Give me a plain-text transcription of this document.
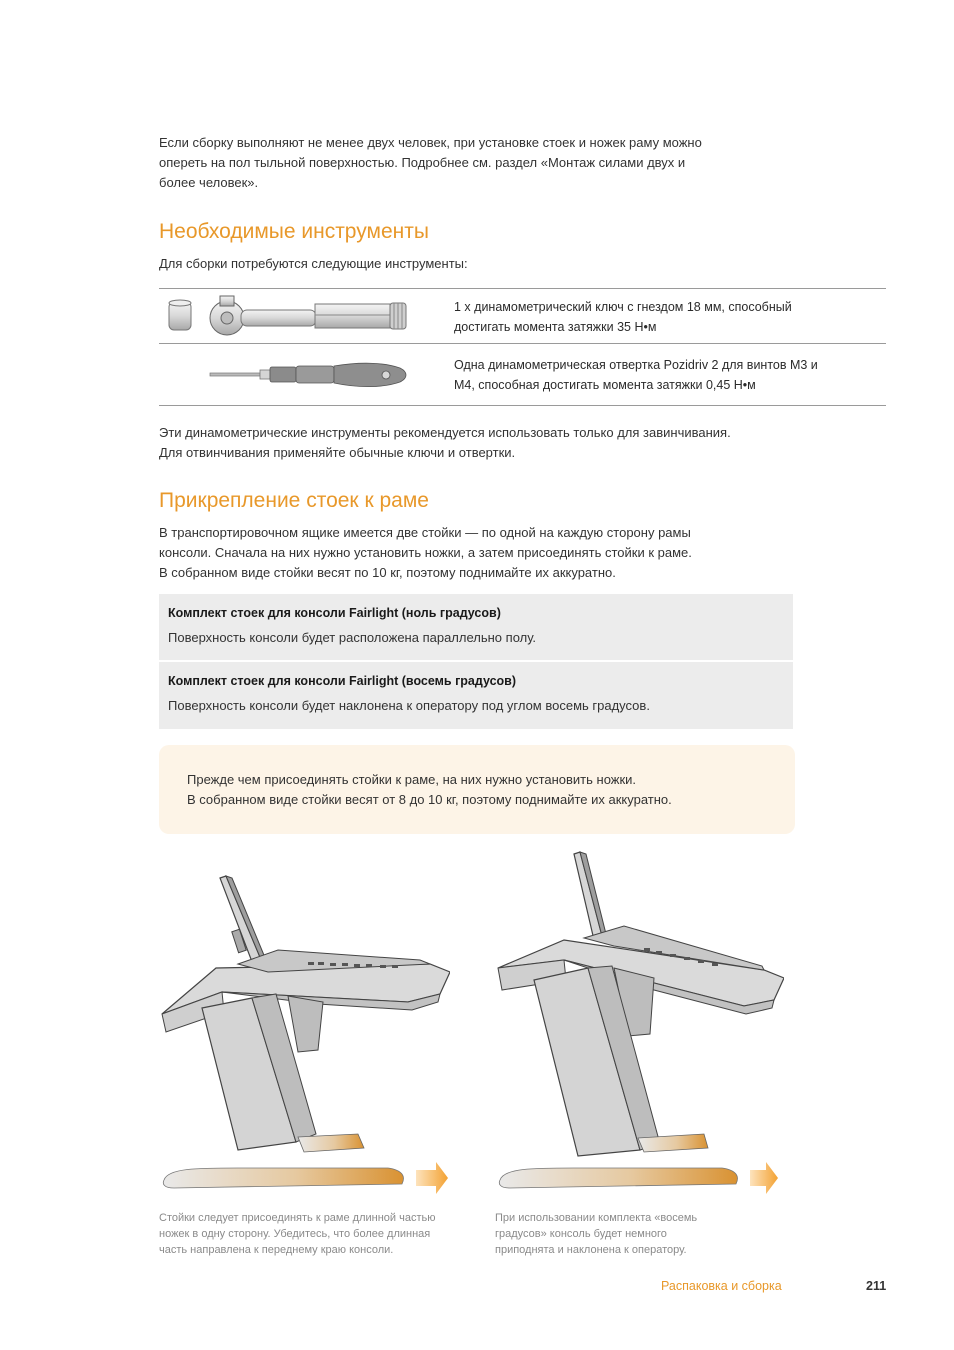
Если сборку выполняют не менее двух человек, при установке стоек и ножек раму можно
опереть на пол тыльной поверхностью. Подробнее см. раздел «Монтаж силами двух и
более человек».
Необходимые инструменты
Для сборки потребуются следующие инструменты:
1 х динамометрический ключ с гнездом 18 мм, способный
достигать момента затяжки 35 Н•м
Одна динамометрическая отвертка Pozidriv 2 для винтов M3 и
M4, способная достигать момента затяжки 0,45 Н•м
Эти динамометрические инструменты рекомендуется использовать только для завинчивания.
Для отвинчивания применяйте обычные ключи и отвертки.
Прикрепление стоек к раме
В транспортировочном ящике имеется две стойки — по одной на каждую сторону рамы
консоли. Сначала на них нужно установить ножки, а затем присоединять стойки к раме.
В собранном виде стойки весят по 10 кг, поэтому поднимайте их аккуратно.
Комплект стоек для консоли Fairlight (ноль градусов)
Поверхность консоли будет расположена параллельно полу.
Комплект стоек для консоли Fairlight (восемь градусов)
Поверхность консоли будет наклонена к оператору под углом восемь градусов.
Прежде чем присоединять стойки к раме, на них нужно установить ножки.
В собранном виде стойки весят от 8 до 10 кг, поэтому поднимайте их аккуратно.
Стойки следует присоединять к раме длинной частью
ножек в одну сторону. Убедитесь, что более длинная
часть направлена к переднему краю консоли.
При использовании комплекта «восемь
градусов» консоль будет немного
приподнята и наклонена к оператору.
Распаковка и сборка	211
